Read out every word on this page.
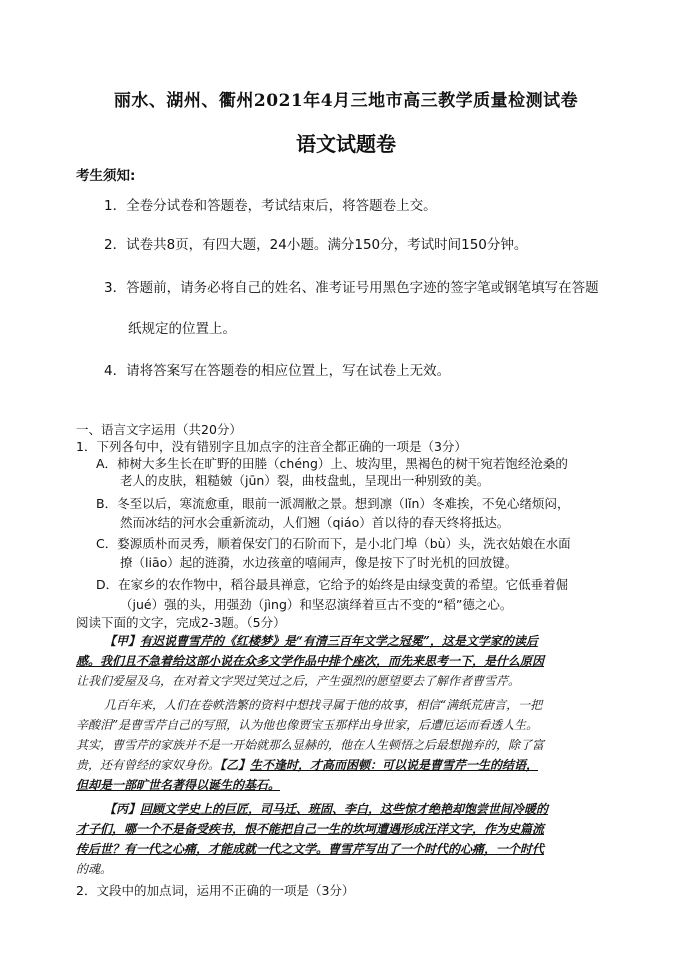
丽水、湖州、衢州2021年4月三地市高三教学质量检测试卷
语文试题卷
考生须知:
1．全卷分试卷和答题卷，考试结束后，将答题卷上交。
2．试卷共8页，有四大题，24小题。满分150分，考试时间150分钟。
3．答题前，请务必将自己的姓名、准考证号用黑色字迹的签字笔或钢笔填写在答题
纸规定的位置上。
4．请将答案写在答题卷的相应位置上，写在试卷上无效。
一、语言文字运用（共20分）
1．下列各句中，没有错别字且加点字的注音全都正确的一项是（3分）
A．柿树大多生长在旷野的田塍（chéng）上、坡沟里，黑褐色的树干宛若饱经沧桑的
老人的皮肤，粗糙皴（jūn）裂，曲枝盘虬，呈现出一种别致的美。
B．冬至以后，寒流愈重，眼前一派凋敝之景。想到凛（lǐn）冬难挨，不免心绪烦闷，
然而冰结的河水会重新流动，人们翘（qiáo）首以待的春天终将抵达。
C．婺源质朴而灵秀，顺着保安门的石阶而下，是小北门埠（bù）头，洗衣姑娘在水面
撩（liāo）起的涟漪，水边孩童的嘻闹声，像是按下了时光机的回放键。
D．在家乡的农作物中，稻谷最具禅意，它给予的始终是由绿变黄的希望。它低垂着倔
（jué）强的头，用强劲（jìng）和坚忍演绎着亘古不变的“稻”德之心。
阅读下面的文字，完成2-3题。（5分）
【甲】有迟说曹雪芹的《红楼梦》是“有清三百年文学之冠冕”，这是文学家的读后
感。我们且不急着给这部小说在众多文学作品中排个座次，而先来思考一下，是什么原因
让我们爱屋及乌，在对着文字哭过笑过之后，产生强烈的愿望要去了解作者曹雪芹。
几百年来，人们在卷帙浩繁的资料中想找寻属于他的故事，相信“满纸荒唐言，一把
辛酸泪”是曹雪芹自己的写照，认为他也像贾宝玉那样出身世家，后遭厄运而看透人生。
其实，曹雪芹的家族并不是一开始就那么显赫的，他在人生顿悟之后最想抛弃的，除了富
贵，还有曾经的家奴身份。【乙】生不逢时，才高而困顿：可以说是曹雪芹一生的结语，
但却是一部旷世名著得以诞生的基石。
【丙】回顾文学史上的巨匠，司马迁、班固、李白，这些惊才绝艳却饱尝世间冷暖的
才子们，哪一个不是备受疾书，恨不能把自己一生的坎坷遭遇形成汪洋文字，作为史篇流
传后世？有一代之心痛，才能成就一代之文学。曹雪芹写出了一个时代的心痛，一个时代
的魂。
2．文段中的加点词，运用不正确的一项是（3分）
